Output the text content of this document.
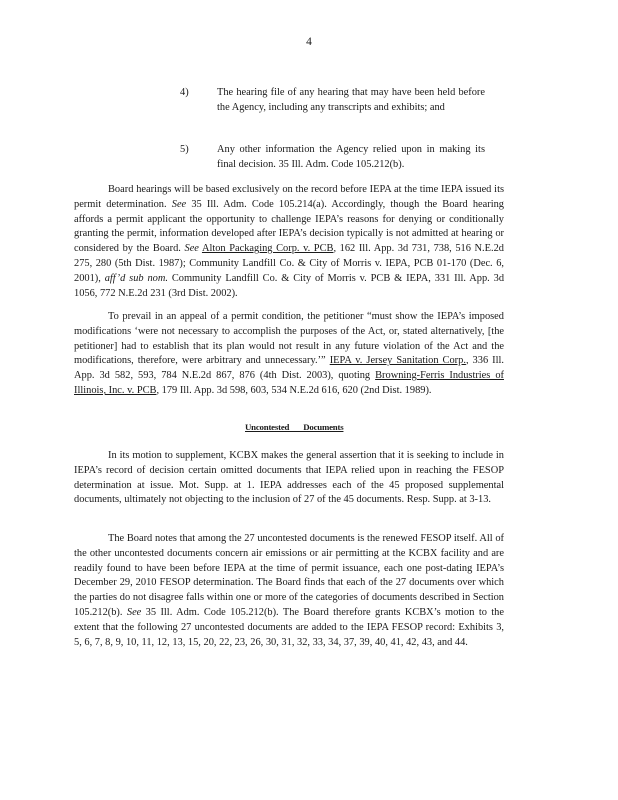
4
4)	The hearing file of any hearing that may have been held before the Agency, including any transcripts and exhibits; and
5)	Any other information the Agency relied upon in making its final decision. 35 Ill. Adm. Code 105.212(b).
Board hearings will be based exclusively on the record before IEPA at the time IEPA issued its permit determination. See 35 Ill. Adm. Code 105.214(a). Accordingly, though the Board hearing affords a permit applicant the opportunity to challenge IEPA’s reasons for denying or conditionally granting the permit, information developed after IEPA’s decision typically is not admitted at hearing or considered by the Board. See Alton Packaging Corp. v. PCB, 162 Ill. App. 3d 731, 738, 516 N.E.2d 275, 280 (5th Dist. 1987); Community Landfill Co. & City of Morris v. IEPA, PCB 01-170 (Dec. 6, 2001), aff’d sub nom. Community Landfill Co. & City of Morris v. PCB & IEPA, 331 Ill. App. 3d 1056, 772 N.E.2d 231 (3rd Dist. 2002).
To prevail in an appeal of a permit condition, the petitioner “must show the IEPA’s imposed modifications ‘were not necessary to accomplish the purposes of the Act, or, stated alternatively, [the petitioner] had to establish that its plan would not result in any future violation of the Act and the modifications, therefore, were arbitrary and unnecessary.’” IEPA v. Jersey Sanitation Corp., 336 Ill. App. 3d 582, 593, 784 N.E.2d 867, 876 (4th Dist. 2003), quoting Browning-Ferris Industries of Illinois, Inc. v. PCB, 179 Ill. App. 3d 598, 603, 534 N.E.2d 616, 620 (2nd Dist. 1989).
Uncontested Documents
In its motion to supplement, KCBX makes the general assertion that it is seeking to include in IEPA’s record of decision certain omitted documents that IEPA relied upon in reaching the FESOP determination at issue. Mot. Supp. at 1. IEPA addresses each of the 45 proposed supplemental documents, ultimately not objecting to the inclusion of 27 of the 45 documents. Resp. Supp. at 3-13.
The Board notes that among the 27 uncontested documents is the renewed FESOP itself. All of the other uncontested documents concern air emissions or air permitting at the KCBX facility and are readily found to have been before IEPA at the time of permit issuance, each one post-dating IEPA’s December 29, 2010 FESOP determination. The Board finds that each of the 27 documents over which the parties do not disagree falls within one or more of the categories of documents described in Section 105.212(b). See 35 Ill. Adm. Code 105.212(b). The Board therefore grants KCBX’s motion to the extent that the following 27 uncontested documents are added to the IEPA FESOP record: Exhibits 3, 5, 6, 7, 8, 9, 10, 11, 12, 13, 15, 20, 22, 23, 26, 30, 31, 32, 33, 34, 37, 39, 40, 41, 42, 43, and 44.
